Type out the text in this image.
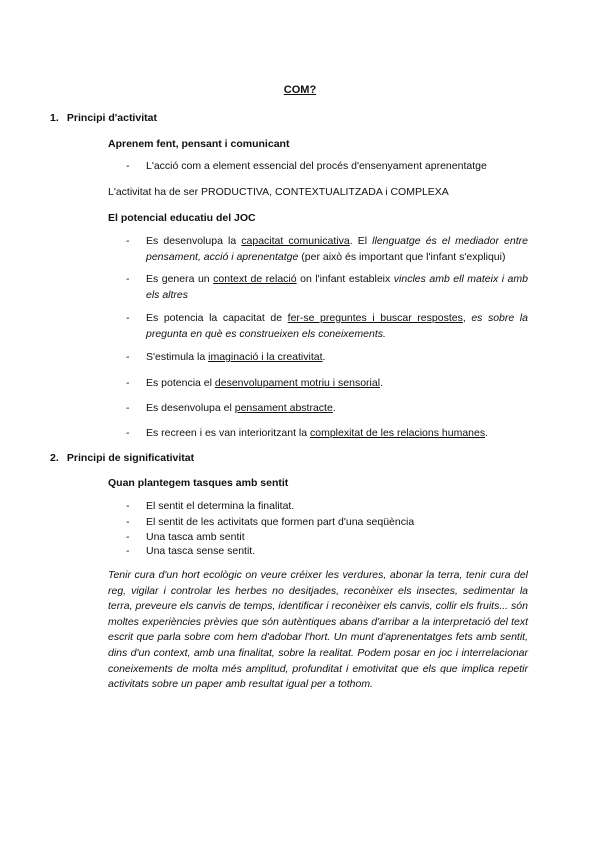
COM?
1. Principi d'activitat
Aprenem fent, pensant i comunicant
- L'acció com a element essencial del procés d'ensenyament aprenentatge
L'activitat ha de ser PRODUCTIVA, CONTEXTUALITZADA i COMPLEXA
El potencial educatiu del JOC
- Es desenvolupa la capacitat comunicativa. El llenguatge és el mediador entre pensament, acció i aprenentatge (per això és important que l'infant s'expliqui)
- Es genera un context de relació on l'infant estableix vincles amb ell mateix i amb els altres
- Es potencia la capacitat de fer-se preguntes i buscar respostes, es sobre la pregunta en què es construeixen els coneixements.
- S'estimula la imaginació i la creativitat.
- Es potencia el desenvolupament motriu i sensorial.
- Es desenvolupa el pensament abstracte.
- Es recreen i es van interioritzant la complexitat de les relacions humanes.
2. Principi de significativitat
Quan plantegem tasques amb sentit
- El sentit el determina la finalitat.
- El sentit de les activitats que formen part d'una seqüència
- Una tasca amb sentit
- Una tasca sense sentit.
Tenir cura d'un hort ecològic on veure créixer les verdures, abonar la terra, tenir cura del reg, vigilar i controlar les herbes no desitjades, reconèixer els insectes, sedimentar la terra, preveure els canvis de temps, identificar i reconèixer els canvis, collir els fruits... són moltes experiències prèvies que són autèntiques abans d'arribar a la interpretació del text escrit que parla sobre com hem d'adobar l'hort. Un munt d'aprenentatges fets amb sentit, dins d'un context, amb una finalitat, sobre la realitat. Podem posar en joc i interrelacionar coneixements de molta més amplitud, profunditat i emotivitat que els que implica repetir activitats sobre un paper amb resultat igual per a tothom.
